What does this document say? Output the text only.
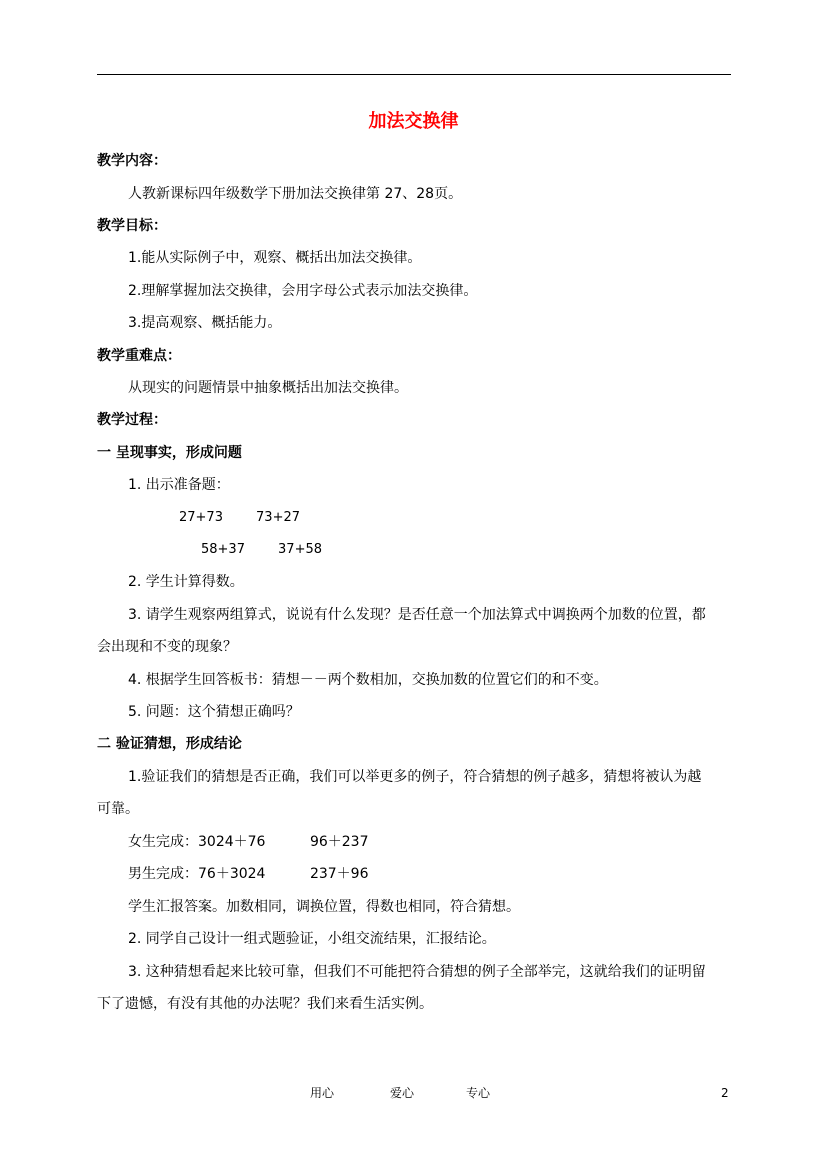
加法交换律
教学内容：
人教新课标四年级数学下册加法交换律第 27、28页。
教学目标：
1.能从实际例子中，观察、概括出加法交换律。
2.理解掌握加法交换律，会用字母公式表示加法交换律。
3.提高观察、概括能力。
教学重难点：
从现实的问题情景中抽象概括出加法交换律。
教学过程：
一 呈现事实，形成问题
1. 出示准备题：
27+73        73+27
58+37        37+58
2. 学生计算得数。
3. 请学生观察两组算式，说说有什么发现？是否任意一个加法算式中调换两个加数的位置，都
会出现和不变的现象？
4. 根据学生回答板书：猜想－－两个数相加，交换加数的位置它们的和不变。
5. 问题：这个猜想正确吗？
二 验证猜想，形成结论
1.验证我们的猜想是否正确，我们可以举更多的例子，符合猜想的例子越多，猜想将被认为越
可靠。
女生完成：3024＋76          96＋237
男生完成：76＋3024          237＋96
学生汇报答案。加数相同，调换位置，得数也相同，符合猜想。
2. 同学自己设计一组式题验证，小组交流结果，汇报结论。
3. 这种猜想看起来比较可靠，但我们不可能把符合猜想的例子全部举完，这就给我们的证明留
下了遗憾，有没有其他的办法呢？我们来看生活实例。
用心	爱心	专心	2
